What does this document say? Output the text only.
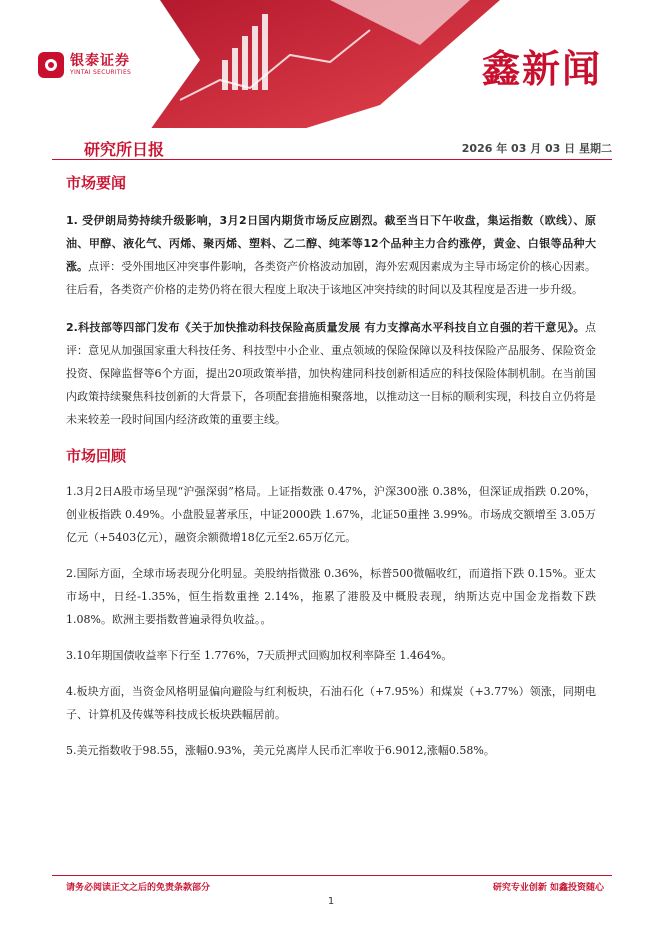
银泰证券
YINTAI SECURITIES	鑫新闻
研究所日报	2026 年 03 月 03 日 星期二
市场要闻

1. 受伊朗局势持续升级影响，3月2日国内期货市场反应剧烈。截至当日下午收盘，集运指数（欧线）、原油、甲醇、液化气、丙烯、聚丙烯、塑料、乙二醇、纯苯等12个品种主力合约涨停，黄金、白银等品种大涨。点评：受外围地区冲突事件影响，各类资产价格波动加剧，海外宏观因素成为主导市场定价的核心因素。往后看，各类资产价格的走势仍将在很大程度上取决于该地区冲突持续的时间以及其程度是否进一步升级。

2.科技部等四部门发布《关于加快推动科技保险高质量发展 有力支撑高水平科技自立自强的若干意见》。点评：意见从加强国家重大科技任务、科技型中小企业、重点领域的保险保障以及科技保险产品服务、保险资金投资、保障监督等6个方面，提出20项政策举措，加快构建同科技创新相适应的科技保险体制机制。在当前国内政策持续聚焦科技创新的大背景下，各项配套措施相聚落地，以推动这一目标的顺利实现，科技自立仍将是未来较差一段时间国内经济政策的重要主线。

市场回顾

1.3月2日A股市场呈现“沪强深弱”格局。上证指数涨 0.47%，沪深300涨 0.38%，但深证成指跌 0.20%，创业板指跌 0.49%。小盘股显著承压，中证2000跌 1.67%，北证50重挫 3.99%。市场成交额增至 3.05万亿元（+5403亿元），融资余额微增18亿元至2.65万亿元。

2.国际方面，全球市场表现分化明显。美股纳指微涨 0.36%，标普500微幅收红，而道指下跌 0.15%。亚太市场中，日经-1.35%，恒生指数重挫 2.14%，拖累了港股及中概股表现，纳斯达克中国金龙指数下跌 1.08%。欧洲主要指数普遍录得负收益。。

3.10年期国债收益率下行至 1.776%，7天质押式回购加权利率降至 1.464%。

4.板块方面，当资金风格明显偏向避险与红利板块，石油石化（+7.95%）和煤炭（+3.77%）领涨，同期电子、计算机及传媒等科技成长板块跌幅居前。

5.美元指数收于98.55，涨幅0.93%，美元兑离岸人民币汇率收于6.9012,涨幅0.58%。

请务必阅读正文之后的免责条款部分	研究专业创新 如鑫投资随心
1
